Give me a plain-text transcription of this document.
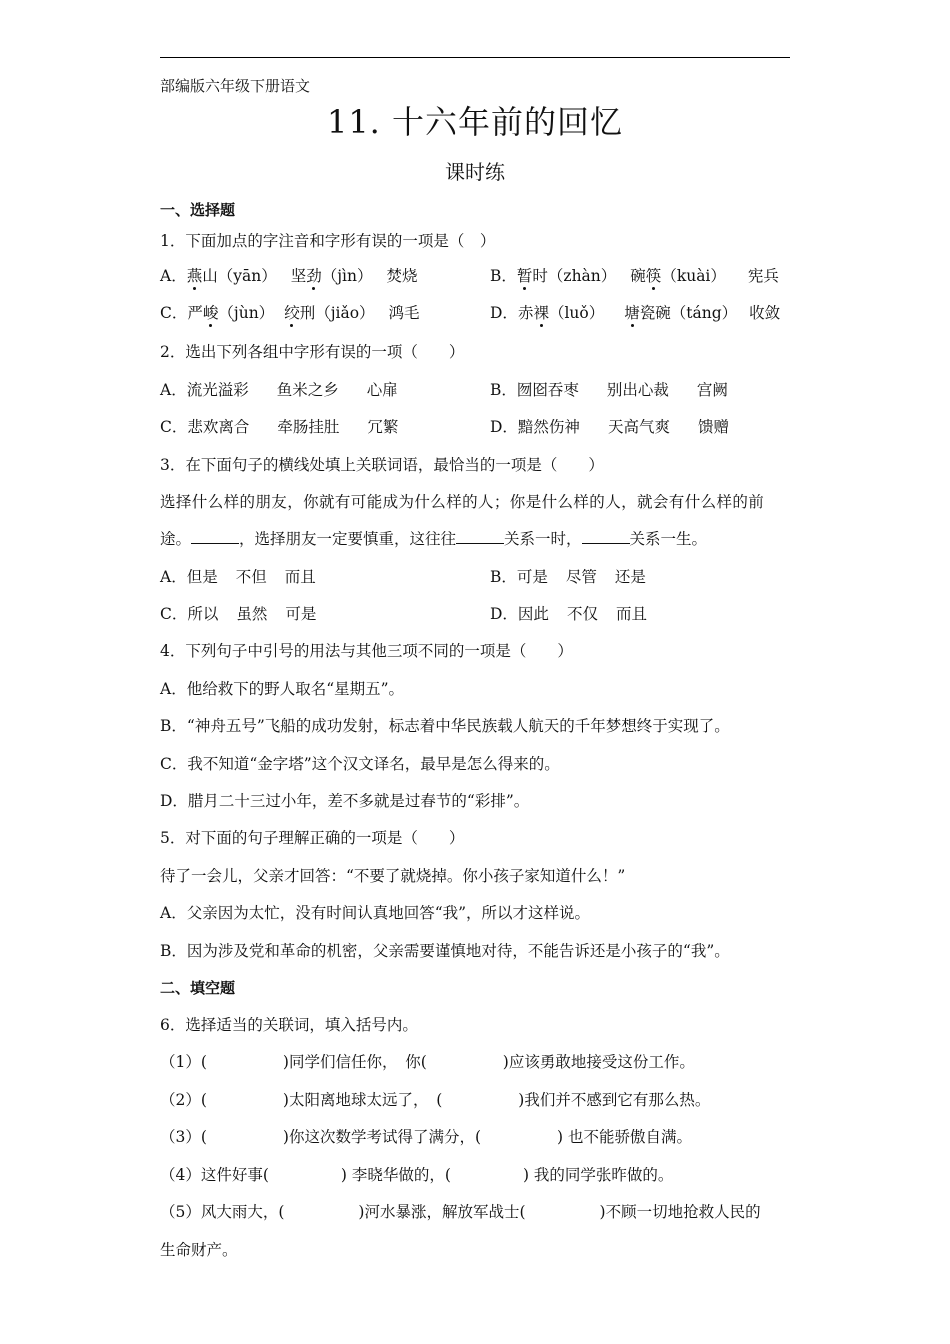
部编版六年级下册语文
11. 十六年前的回忆
课时练
一、选择题
1．下面加点的字注音和字形有误的一项是（　）
A．燕山（yān） 坚劲（jìn） 焚烧	B．暂时（zhàn） 碗筷（kuài） 宪兵
C．严峻（jùn） 绞刑（jiǎo） 鸿毛	D．赤裸（luǒ） 塘瓷碗（táng） 收敛
2．选出下列各组中字形有误的一项（　　）
A．流光溢彩 鱼米之乡 心扉	B．囫囵吞枣 别出心裁 宫阙
C．悲欢离合 牵肠挂肚 冗繁	D．黯然伤神 天高气爽 馈赠
3．在下面句子的横线处填上关联词语，最恰当的一项是（　　）
选择什么样的朋友，你就有可能成为什么样的人；你是什么样的人，就会有什么样的前
途。	，选择朋友一定要慎重，这往往	关系一时，	关系一生。
A．但是 不但 而且	B．可是 尽管 还是
C．所以 虽然 可是	D．因此 不仅 而且
4．下列句子中引号的用法与其他三项不同的一项是（　　）
A．他给救下的野人取名“星期五”。
B．“神舟五号”飞船的成功发射，标志着中华民族载人航天的千年梦想终于实现了。
C．我不知道“金字塔”这个汉文译名，最早是怎么得来的。
D．腊月二十三过小年，差不多就是过春节的“彩排”。
5．对下面的句子理解正确的一项是（　　）
待了一会儿，父亲才回答：“不要了就烧掉。你小孩子家知道什么！”
A．父亲因为太忙，没有时间认真地回答“我”，所以才这样说。
B．因为涉及党和革命的机密，父亲需要谨慎地对待，不能告诉还是小孩子的“我”。
二、填空题
6．选择适当的关联词，填入括号内。
（1）(	)同学们信任你，　你(	)应该勇敢地接受这份工作。
（2）(	)太阳离地球太远了，　(	)我们并不感到它有那么热。
（3）(	)你这次数学考试得了满分，(	) 也不能骄傲自满。
（4）这件好事(	) 李晓华做的，(	) 我的同学张昨做的。
（5）风大雨大，(	)河水暴涨，解放军战士(	)不顾一切地抢救人民的
生命财产。
